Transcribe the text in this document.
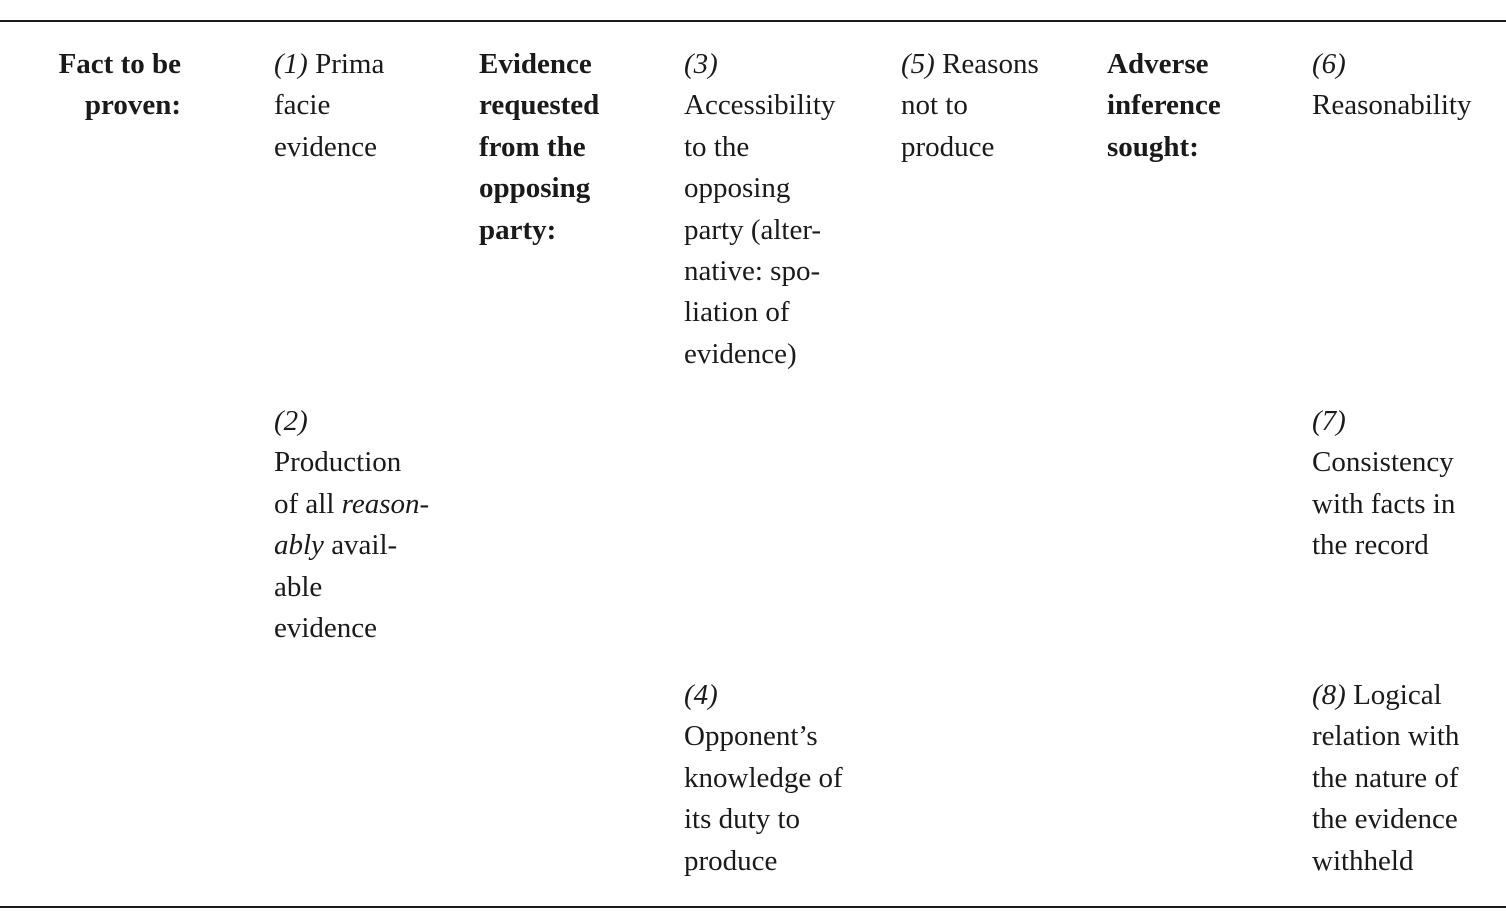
Fact to be
proven:
(1) Prima
facie
evidence
(2)
Production
of all reason-
ably avail-
able
evidence
Evidence
requested
from the
opposing
party:
(3)
Accessibility
to the
opposing
party (alter-
native: spo-
liation of
evidence)
(4)
Opponent’s
knowledge of
its duty to
produce
(5) Reasons
not to
produce
Adverse
inference
sought:
(6)
Reasonability
(7)
Consistency
with facts in
the record
(8) Logical
relation with
the nature of
the evidence
withheld
